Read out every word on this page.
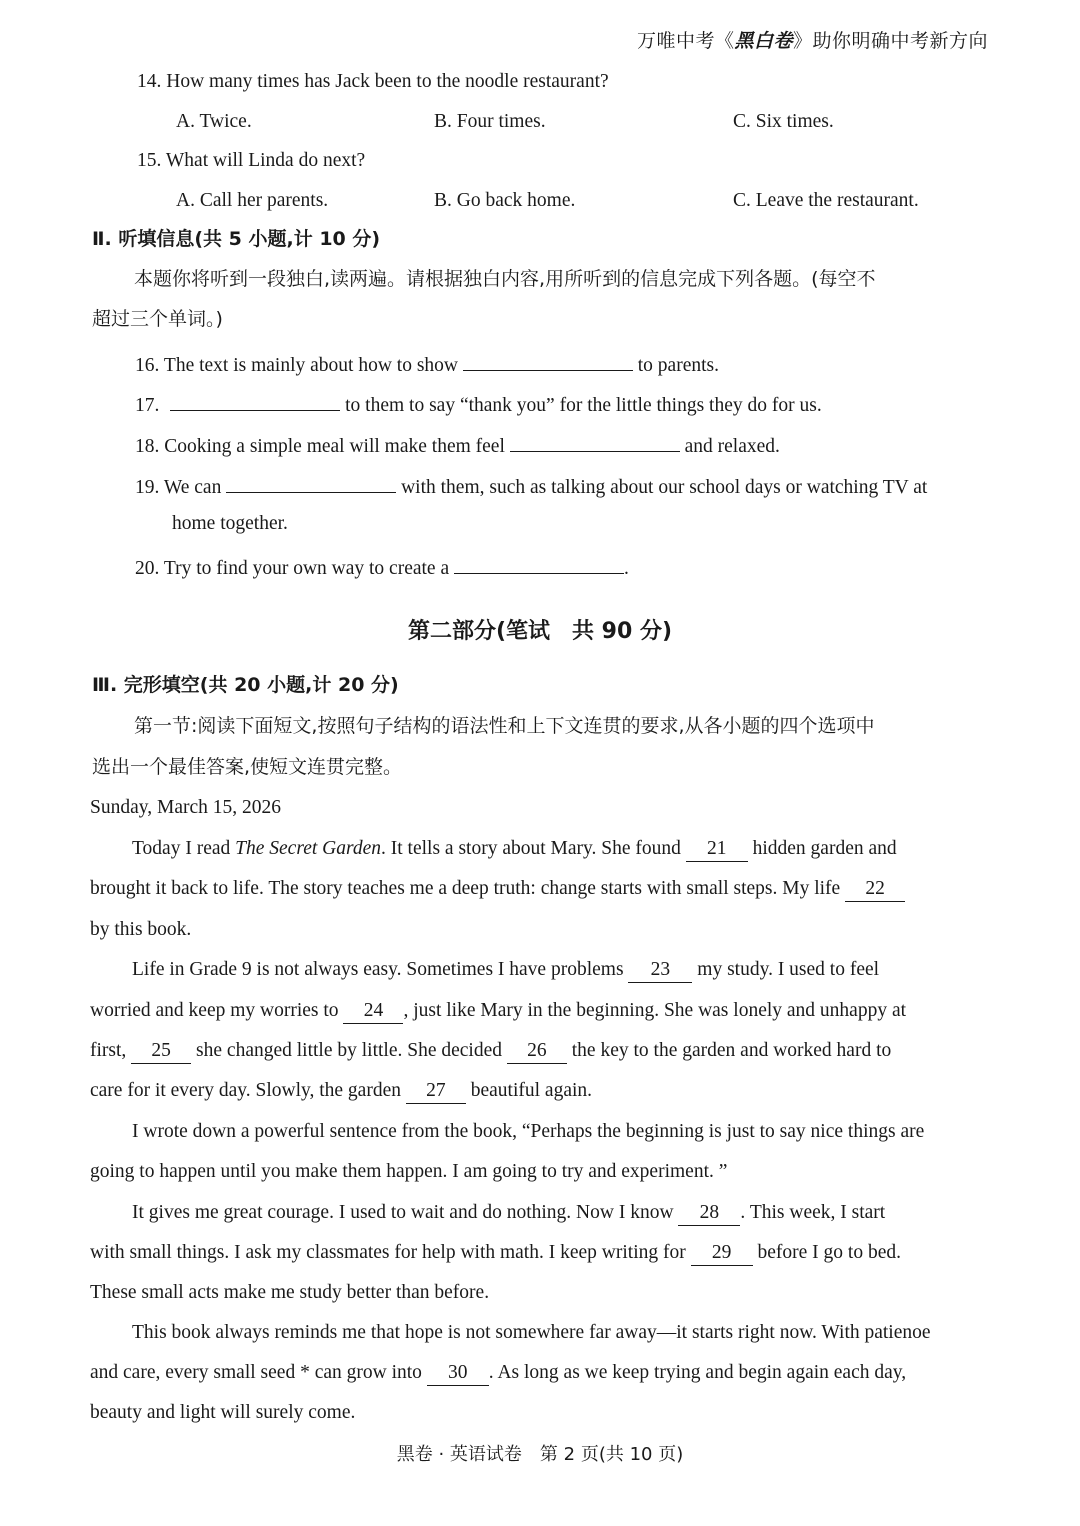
万唯中考《黑白卷》助你明确中考新方向
14. How many times has Jack been to the noodle restaurant?
A. Twice.	B. Four times.	C. Six times.
15. What will Linda do next?
A. Call her parents.	B. Go back home.	C. Leave the restaurant.
Ⅱ. 听填信息(共 5 小题,计 10 分)
本题你将听到一段独白,读两遍。请根据独白内容,用所听到的信息完成下列各题。(每空不
超过三个单词。)
16. The text is mainly about how to show	to parents.
17.	to them to say “thank you” for the little things they do for us.
18. Cooking a simple meal will make them feel	and relaxed.
19. We can	with them, such as talking about our school days or watching TV at
home together.
20. Try to find your own way to create a	.
第二部分(笔试　共 90 分)
Ⅲ. 完形填空(共 20 小题,计 20 分)
第一节:阅读下面短文,按照句子结构的语法性和上下文连贯的要求,从各小题的四个选项中
选出一个最佳答案,使短文连贯完整。
Sunday, March 15, 2026
Today I read The Secret Garden. It tells a story about Mary. She found 21 hidden garden and
brought it back to life. The story teaches me a deep truth: change starts with small steps. My life 22
by this book.
Life in Grade 9 is not always easy. Sometimes I have problems 23 my study. I used to feel
worried and keep my worries to 24 , just like Mary in the beginning. She was lonely and unhappy at
first, 25 she changed little by little. She decided 26 the key to the garden and worked hard to
care for it every day. Slowly, the garden 27 beautiful again.
I wrote down a powerful sentence from the book, “Perhaps the beginning is just to say nice things are
going to happen until you make them happen. I am going to try and experiment. ”
It gives me great courage. I used to wait and do nothing. Now I know 28 . This week, I start
with small things. I ask my classmates for help with math. I keep writing for 29 before I go to bed.
These small acts make me study better than before.
This book always reminds me that hope is not somewhere far away—it starts right now. With patienoe
and care, every small seed * can grow into 30 . As long as we keep trying and begin again each day,
beauty and light will surely come.
黑卷 · 英语试卷　第 2 页(共 10 页)
